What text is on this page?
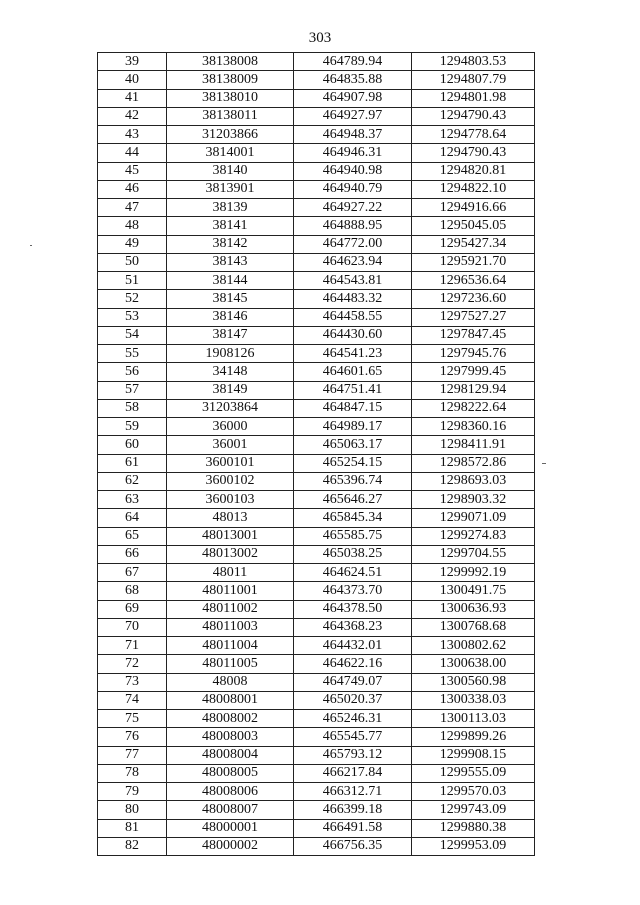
303
39	38138008	464789.94	1294803.53
40	38138009	464835.88	1294807.79
41	38138010	464907.98	1294801.98
42	38138011	464927.97	1294790.43
43	31203866	464948.37	1294778.64
44	3814001	464946.31	1294790.43
45	38140	464940.98	1294820.81
46	3813901	464940.79	1294822.10
47	38139	464927.22	1294916.66
48	38141	464888.95	1295045.05
49	38142	464772.00	1295427.34
50	38143	464623.94	1295921.70
51	38144	464543.81	1296536.64
52	38145	464483.32	1297236.60
53	38146	464458.55	1297527.27
54	38147	464430.60	1297847.45
55	1908126	464541.23	1297945.76
56	34148	464601.65	1297999.45
57	38149	464751.41	1298129.94
58	31203864	464847.15	1298222.64
59	36000	464989.17	1298360.16
60	36001	465063.17	1298411.91
61	3600101	465254.15	1298572.86
62	3600102	465396.74	1298693.03
63	3600103	465646.27	1298903.32
64	48013	465845.34	1299071.09
65	48013001	465585.75	1299274.83
66	48013002	465038.25	1299704.55
67	48011	464624.51	1299992.19
68	48011001	464373.70	1300491.75
69	48011002	464378.50	1300636.93
70	48011003	464368.23	1300768.68
71	48011004	464432.01	1300802.62
72	48011005	464622.16	1300638.00
73	48008	464749.07	1300560.98
74	48008001	465020.37	1300338.03
75	48008002	465246.31	1300113.03
76	48008003	465545.77	1299899.26
77	48008004	465793.12	1299908.15
78	48008005	466217.84	1299555.09
79	48008006	466312.71	1299570.03
80	48008007	466399.18	1299743.09
81	48000001	466491.58	1299880.38
82	48000002	466756.35	1299953.09
